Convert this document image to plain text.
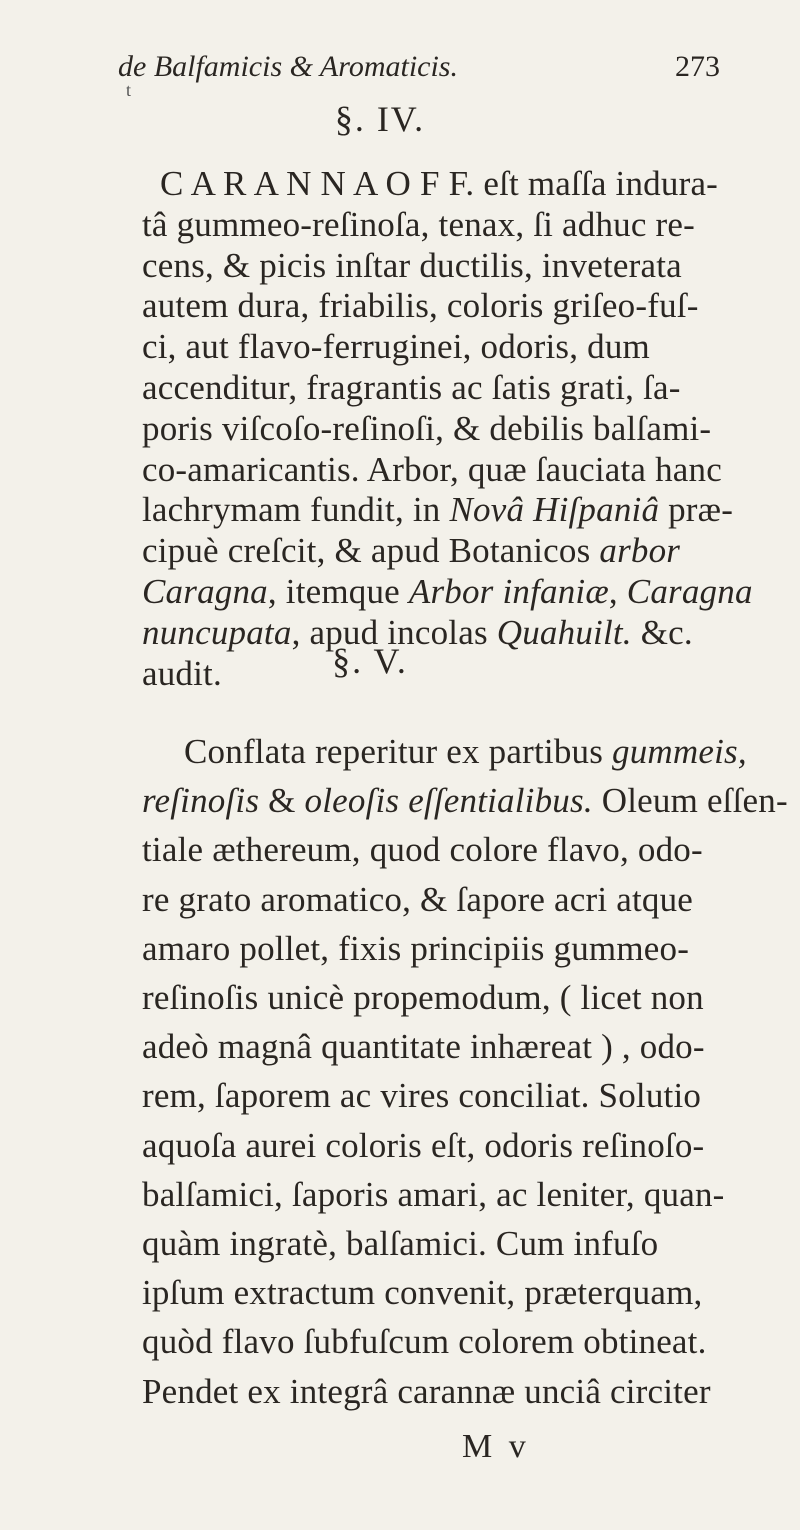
de Balfamicis & Aromaticis.	273
t
§. IV.
C A R A N N A O F F. eſt maſſa indura-
tâ gummeo-reſinoſa, tenax, ſi adhuc re-
cens, & picis inſtar ductilis, inveterata
autem dura, friabilis, coloris griſeo-fuſ-
ci, aut flavo-ferruginei, odoris, dum
accenditur, fragrantis ac ſatis grati, ſa-
poris viſcoſo-reſinoſi, & debilis balſami-
co-amaricantis. Arbor, quæ ſauciata hanc
lachrymam fundit, in Novâ Hiſpaniâ præ-
cipuè creſcit, & apud Botanicos arbor
Caragna, itemque Arbor infaniæ, Caragna
nuncupata, apud incolas Quahuilt. &c.
audit.	§. V.
Conflata reperitur ex partibus gummeis,
reſinoſis & oleoſis eſſentialibus. Oleum eſſen-
tiale æthereum, quod colore flavo, odo-
re grato aromatico, & ſapore acri atque
amaro pollet, fixis principiis gummeo-
reſinoſis unicè propemodum, ( licet non
adeò magnâ quantitate inhæreat ) , odo-
rem, ſaporem ac vires conciliat. Solutio
aquoſa aurei coloris eſt, odoris reſinoſo-
balſamici, ſaporis amari, ac leniter, quan-
quàm ingratè, balſamici. Cum infuſo
ipſum extractum convenit, præterquam,
quòd flavo ſubfuſcum colorem obtineat.
Pendet ex integrâ carannæ unciâ circiter
M v
